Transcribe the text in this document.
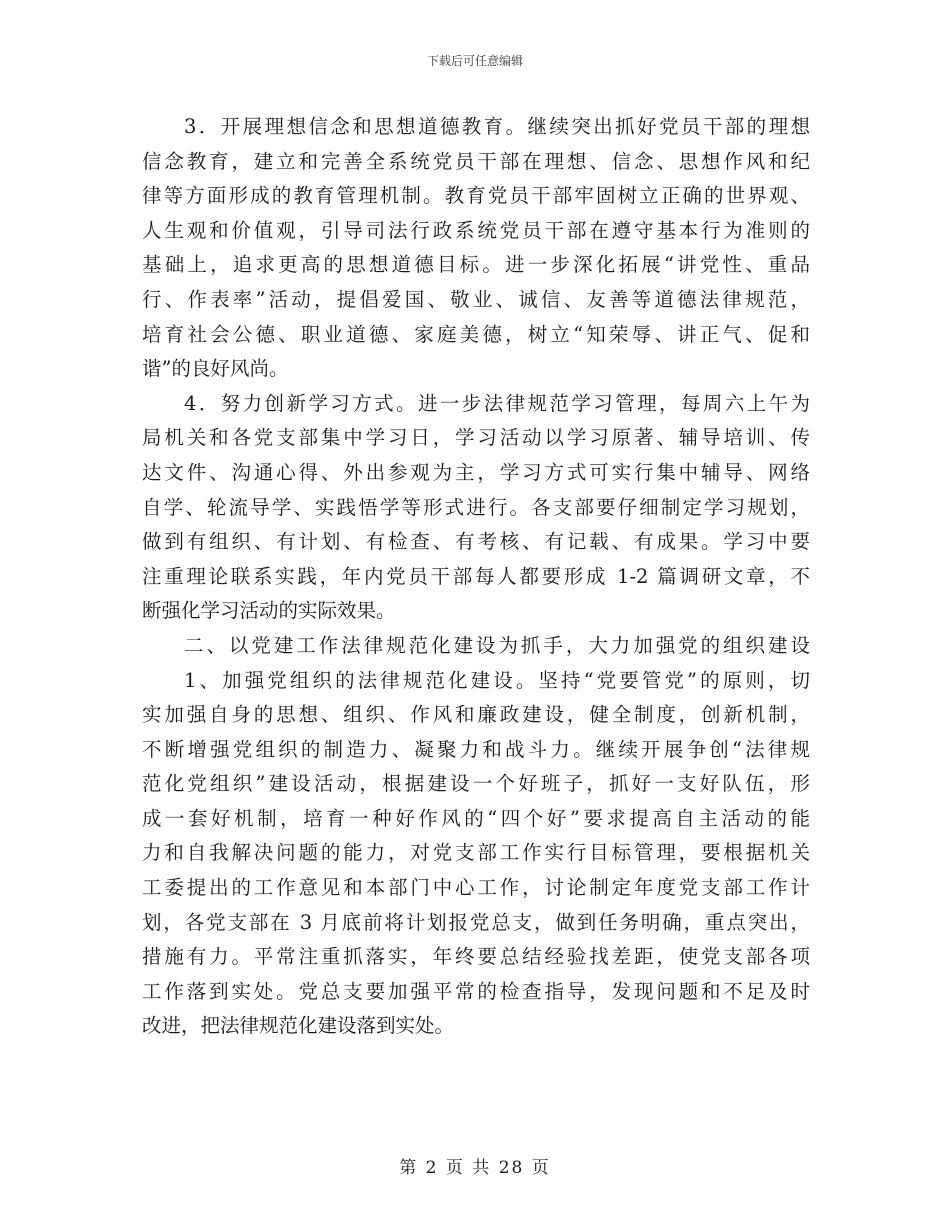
下载后可任意编辑
3．开展理想信念和思想道德教育。继续突出抓好党员干部的理想
信念教育，建立和完善全系统党员干部在理想、信念、思想作风和纪
律等方面形成的教育管理机制。教育党员干部牢固树立正确的世界观、
人生观和价值观，引导司法行政系统党员干部在遵守基本行为准则的
基础上，追求更高的思想道德目标。进一步深化拓展“讲党性、重品
行、作表率”活动，提倡爱国、敬业、诚信、友善等道德法律规范，
培育社会公德、职业道德、家庭美德，树立“知荣辱、讲正气、促和
谐”的良好风尚。
4．努力创新学习方式。进一步法律规范学习管理，每周六上午为
局机关和各党支部集中学习日，学习活动以学习原著、辅导培训、传
达文件、沟通心得、外出参观为主，学习方式可实行集中辅导、网络
自学、轮流导学、实践悟学等形式进行。各支部要仔细制定学习规划，
做到有组织、有计划、有检查、有考核、有记载、有成果。学习中要
注重理论联系实践，年内党员干部每人都要形成 1-2 篇调研文章，不
断强化学习活动的实际效果。
二、以党建工作法律规范化建设为抓手，大力加强党的组织建设
1、加强党组织的法律规范化建设。坚持“党要管党”的原则，切
实加强自身的思想、组织、作风和廉政建设，健全制度，创新机制，
不断增强党组织的制造力、凝聚力和战斗力。继续开展争创“法律规
范化党组织”建设活动，根据建设一个好班子，抓好一支好队伍，形
成一套好机制，培育一种好作风的“四个好”要求提高自主活动的能
力和自我解决问题的能力，对党支部工作实行目标管理，要根据机关
工委提出的工作意见和本部门中心工作，讨论制定年度党支部工作计
划，各党支部在 3 月底前将计划报党总支，做到任务明确，重点突出，
措施有力。平常注重抓落实，年终要总结经验找差距，使党支部各项
工作落到实处。党总支要加强平常的检查指导，发现问题和不足及时
改进，把法律规范化建设落到实处。
第 2 页 共 28 页
